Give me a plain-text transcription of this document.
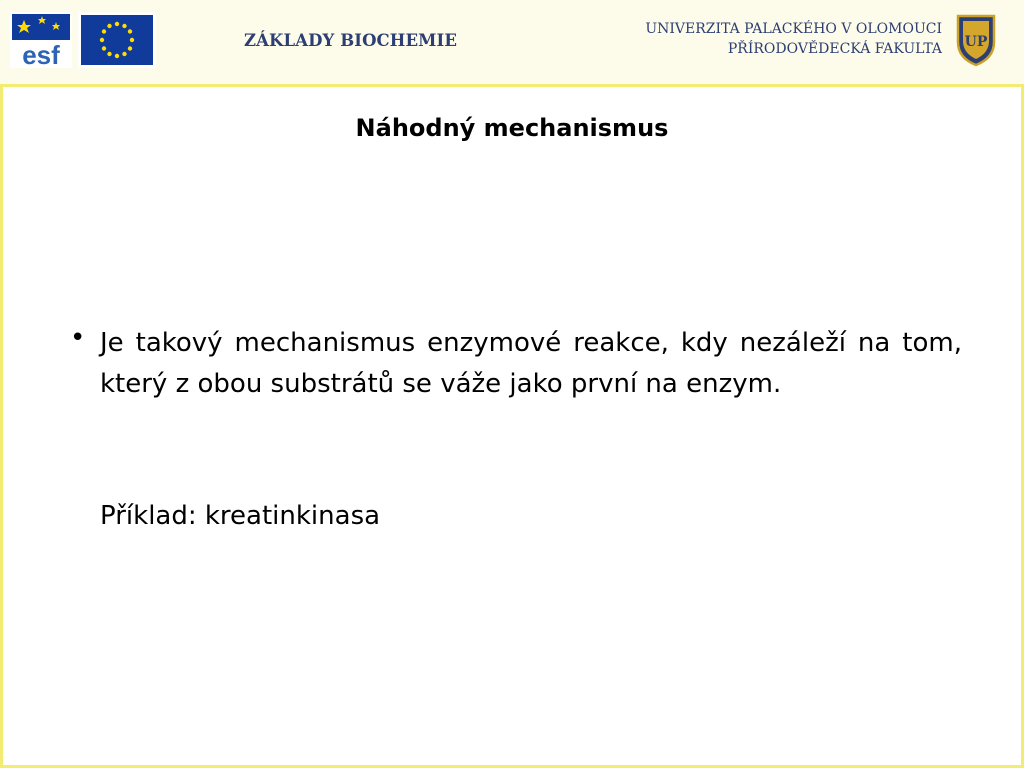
esf	ZÁKLADY BIOCHEMIE
UNIVERZITA PALACKÉHO V OLOMOUCI
PŘÍRODOVĚDECKÁ FAKULTA UP
Náhodný mechanismus
• Je takový mechanismus enzymové reakce, kdy nezáleží na tom, který z obou substrátů se váže jako první na enzym.
Příklad: kreatinkinasa
